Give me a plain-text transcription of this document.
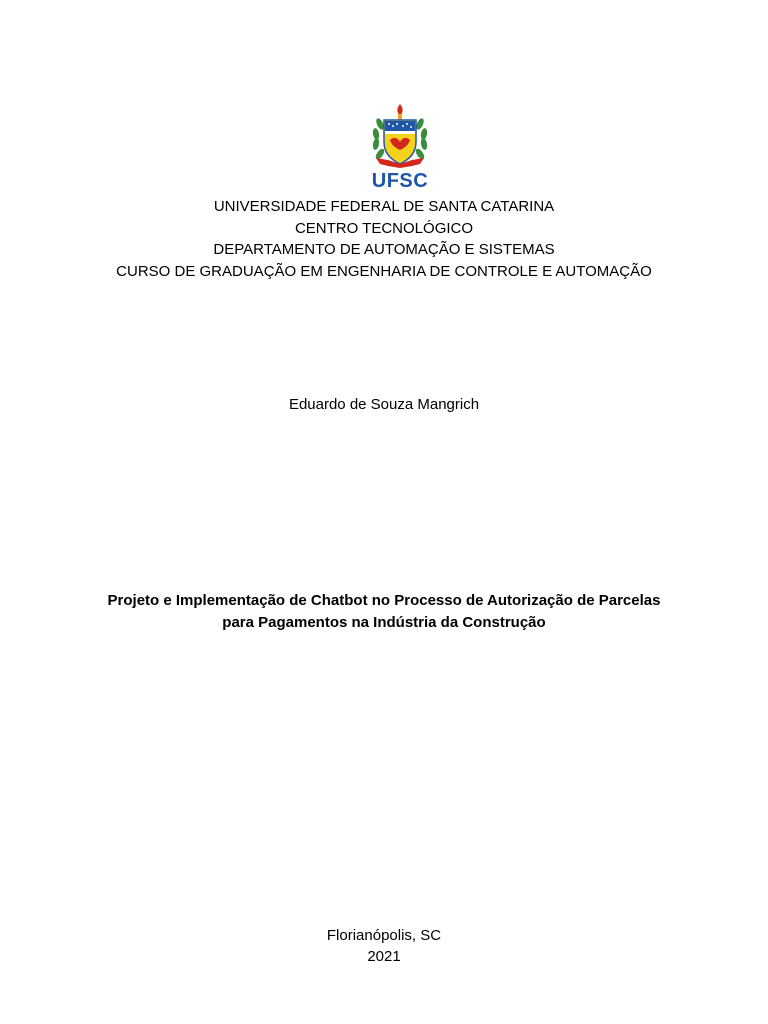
UFSC
UNIVERSIDADE FEDERAL DE SANTA CATARINA
CENTRO TECNOLÓGICO
DEPARTAMENTO DE AUTOMAÇÃO E SISTEMAS
CURSO DE GRADUAÇÃO EM ENGENHARIA DE CONTROLE E AUTOMAÇÃO
Eduardo de Souza Mangrich
Projeto e Implementação de Chatbot no Processo de Autorização de Parcelas
para Pagamentos na Indústria da Construção
Florianópolis, SC
2021
